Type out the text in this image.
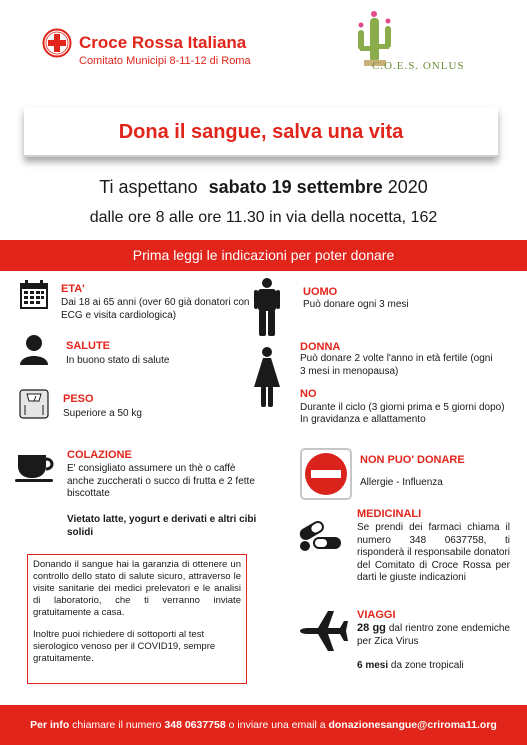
Croce Rossa Italiana
Comitato Municipi 8-11-12 di Roma	C.O.E.S. ONLUS
Dona il sangue, salva una vita
Ti aspettano sabato 19 settembre 2020
dalle ore 8 alle ore 11.30 in via della nocetta, 162
Prima leggi le indicazioni per poter donare
ETA'
Dai 18 ai 65 anni (over 60 già donatori con ECG e visita cardiologica)
SALUTE
In buono stato di salute
PESO
Superiore a 50 kg
COLAZIONE
E' consigliato assumere un thè o caffè anche zuccherati o succo di frutta e 2 fette biscottate
Vietato latte, yogurt e derivati e altri cibi solidi
Donando il sangue hai la garanzia di ottenere un controllo dello stato di salute sicuro, attraverso le visite sanitarie dei medici prelevatori e le analisi di laboratorio, che ti verranno inviate gratuitamente a casa.
Inoltre puoi richiedere di sottoporti al test sierologico venoso per il COVID19, sempre gratuitamente.
UOMO
Può donare ogni 3 mesi
DONNA
Può donare 2 volte l'anno in età fertile (ogni 3 mesi in menopausa)
NO
Durante il ciclo (3 giorni prima e 5 giorni dopo)
In gravidanza e allattamento
NON PUO' DONARE
Allergie - Influenza
MEDICINALI
Se prendi dei farmaci chiama il numero 348 0637758, ti risponderà il responsabile donatori del Comitato di Croce Rossa per darti le giuste indicazioni
VIAGGI
28 gg dal rientro zone endemiche per Zica Virus
6 mesi da zone tropicali
Per info chiamare il numero 348 0637758 o inviare una email a donazionesangue@criroma11.org
